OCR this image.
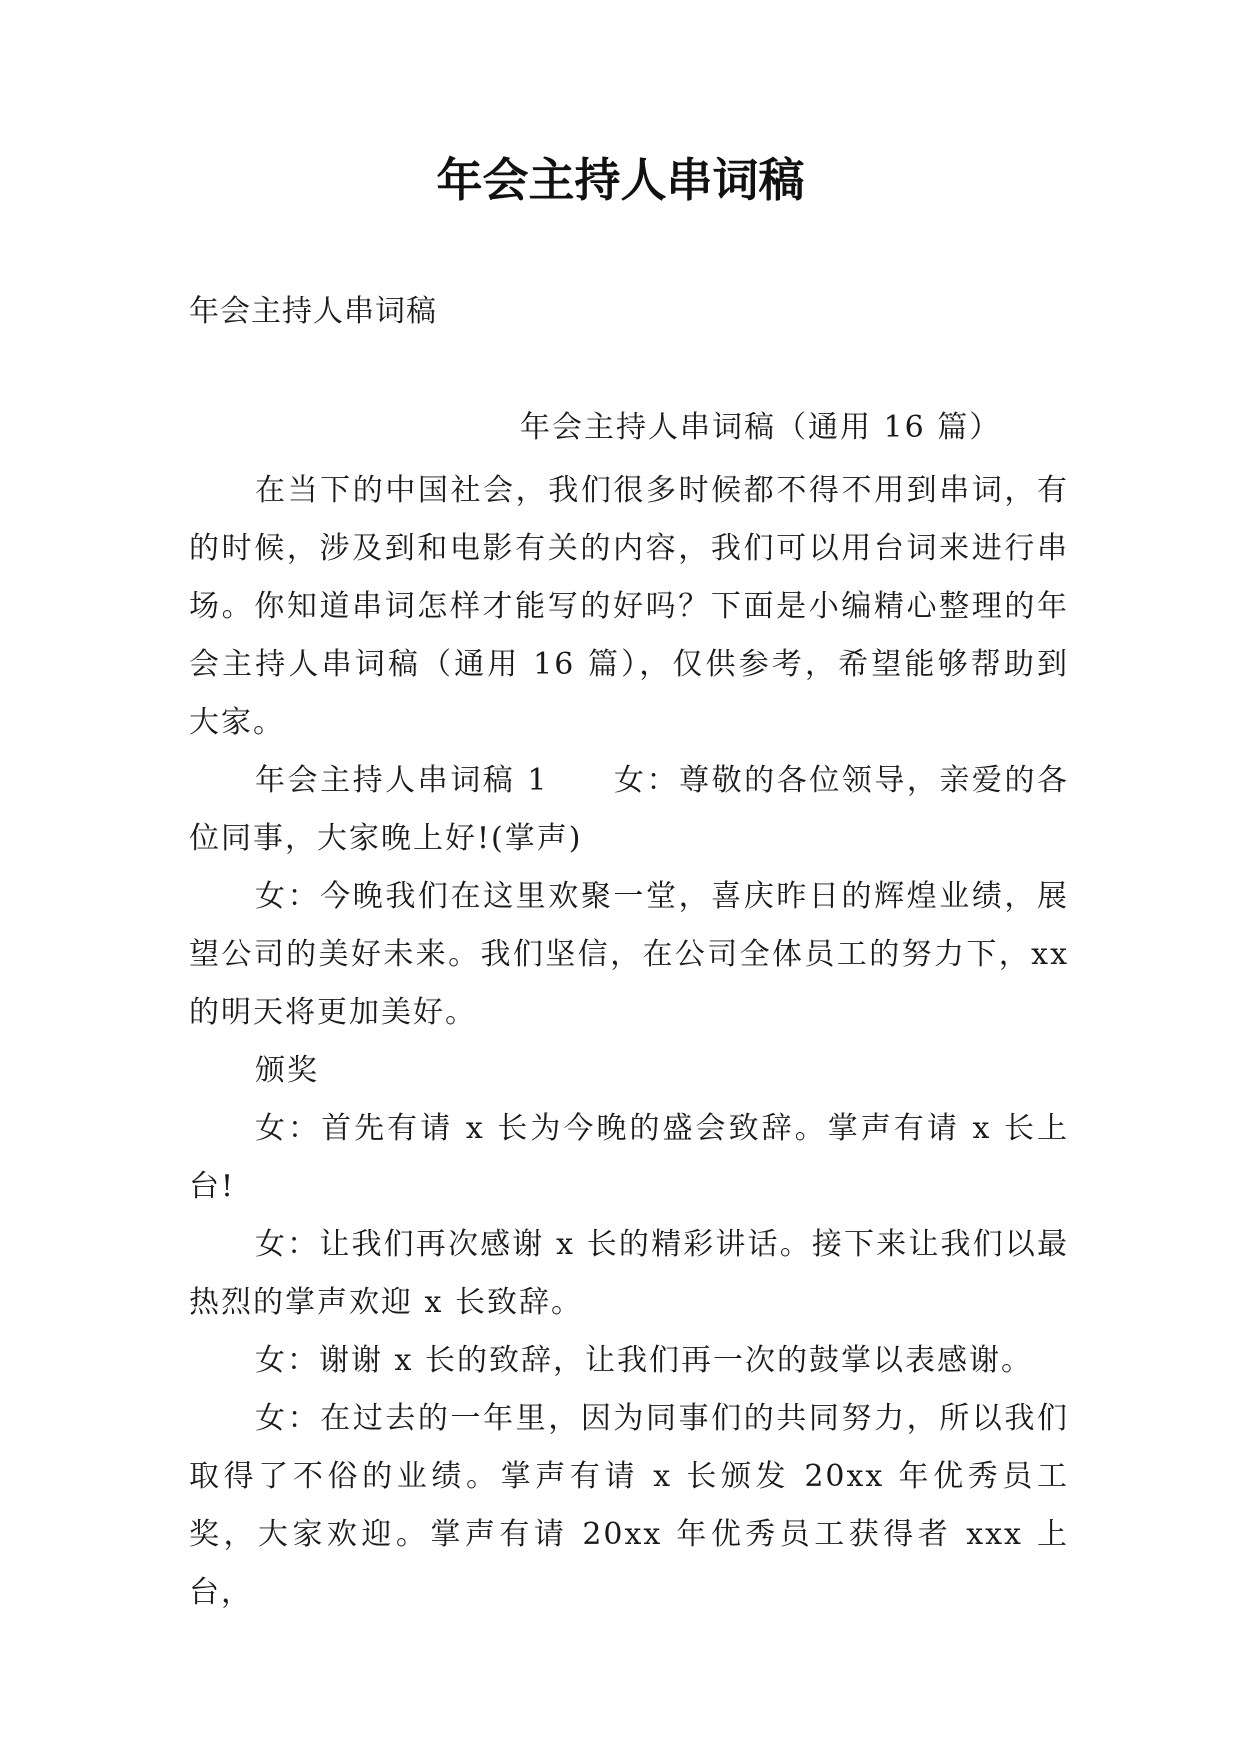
年会主持人串词稿

年会主持人串词稿

年会主持人串词稿（通用 16 篇）

在当下的中国社会，我们很多时候都不得不用到串词，有的时候，涉及到和电影有关的内容，我们可以用台词来进行串场。你知道串词怎样才能写的好吗？下面是小编精心整理的年会主持人串词稿（通用 16 篇），仅供参考，希望能够帮助到大家。

年会主持人串词稿 1　　女：尊敬的各位领导，亲爱的各位同事，大家晚上好!(掌声)

女：今晚我们在这里欢聚一堂，喜庆昨日的辉煌业绩，展望公司的美好未来。我们坚信，在公司全体员工的努力下，xx 的明天将更加美好。

颁奖

女：首先有请 x 长为今晚的盛会致辞。掌声有请 x 长上台!

女：让我们再次感谢 x 长的精彩讲话。接下来让我们以最热烈的掌声欢迎 x 长致辞。

女：谢谢 x 长的致辞，让我们再一次的鼓掌以表感谢。

女：在过去的一年里，因为同事们的共同努力，所以我们取得了不俗的业绩。掌声有请 x 长颁发 20xx 年优秀员工奖，大家欢迎。掌声有请 20xx 年优秀员工获得者 xxx 上台，
